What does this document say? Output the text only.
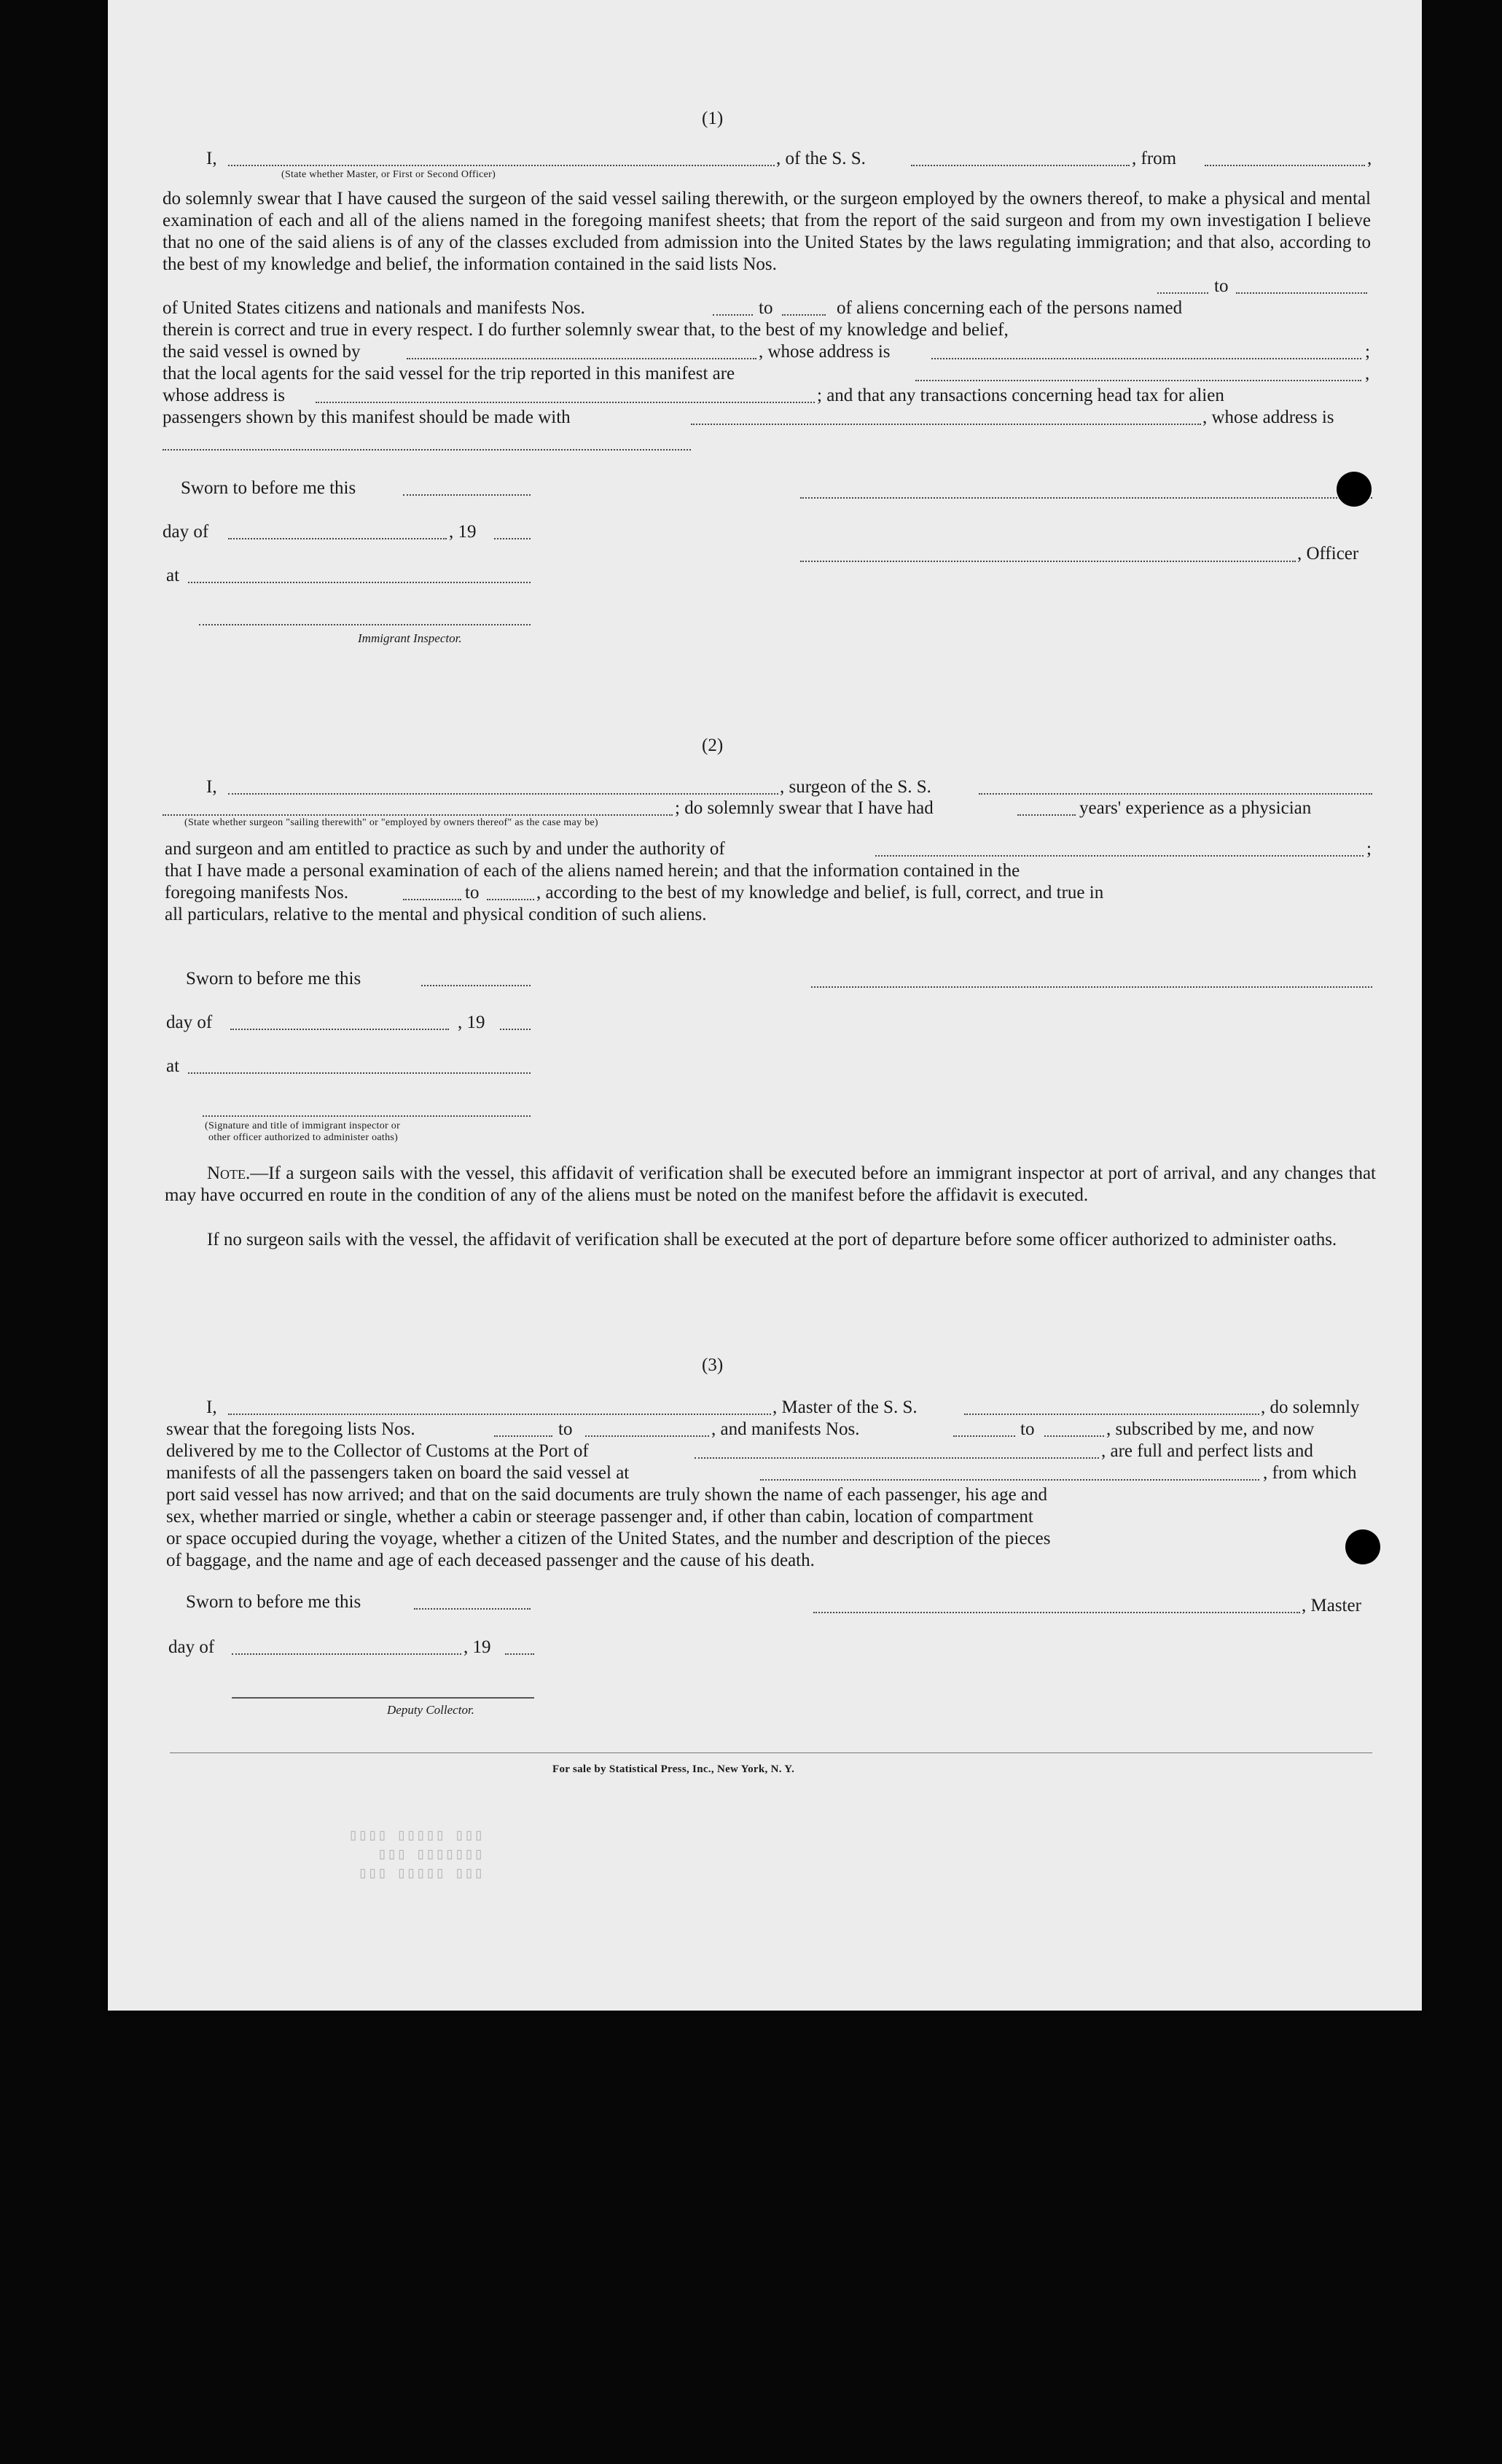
(1)
I,	, of the S. S.	, from	,
(State whether Master, or First or Second Officer)
do solemnly swear that I have caused the surgeon of the said vessel sailing therewith, or the surgeon employed by the owners thereof, to make a physical and mental examination of each and all of the aliens named in the foregoing manifest sheets; that from the report of the said surgeon and from my own investigation I believe that no one of the said aliens is of any of the classes excluded from admission into the United States by the laws regulating immigration; and that also, according to the best of my knowledge and belief, the information contained in the said lists Nos.
to
of United States citizens and nationals and manifests Nos.	to	of aliens concerning each of the persons named
therein is correct and true in every respect. I do further solemnly swear that, to the best of my knowledge and belief,
the said vessel is owned by	, whose address is	;
that the local agents for the said vessel for the trip reported in this manifest are	,
whose address is	; and that any transactions concerning head tax for alien
passengers shown by this manifest should be made with	, whose address is
Sworn to before me this
day of	, 19
, Officer
at
Immigrant Inspector.
(2)
I,	, surgeon of the S. S.
; do solemnly swear that I have had	years' experience as a physician
(State whether surgeon "sailing therewith" or "employed by owners thereof" as the case may be)
and surgeon and am entitled to practice as such by and under the authority of	;
that I have made a personal examination of each of the aliens named herein; and that the information contained in the
foregoing manifests Nos.	to	, according to the best of my knowledge and belief, is full, correct, and true in
all particulars, relative to the mental and physical condition of such aliens.
Sworn to before me this
day of	, 19
at
(Signature and title of immigrant inspector or
other officer authorized to administer oaths)
Note.—If a surgeon sails with the vessel, this affidavit of verification shall be executed before an immigrant inspector at port of arrival, and any changes that may have occurred en route in the condition of any of the aliens must be noted on the manifest before the affidavit is executed.
If no surgeon sails with the vessel, the affidavit of verification shall be executed at the port of departure before some officer authorized to administer oaths.
(3)
I,	, Master of the S. S.	, do solemnly
swear that the foregoing lists Nos.	to	, and manifests Nos.	to	, subscribed by me, and now
delivered by me to the Collector of Customs at the Port of	, are full and perfect lists and
manifests of all the passengers taken on board the said vessel at	, from which
port said vessel has now arrived; and that on the said documents are truly shown the name of each passenger, his age and
sex, whether married or single, whether a cabin or steerage passenger and, if other than cabin, location of compartment
or space occupied during the voyage, whether a citizen of the United States, and the number and description of the pieces
of baggage, and the name and age of each deceased passenger and the cause of his death.
Sworn to before me this	, Master
day of	, 19
Deputy Collector.
For sale by Statistical Press, Inc., New York, N. Y.
▯▯▯ ▯▯▯▯▯ ▯▯▯▯
▯▯▯▯▯▯▯ ▯▯▯
▯▯▯ ▯▯▯▯▯ ▯▯▯
